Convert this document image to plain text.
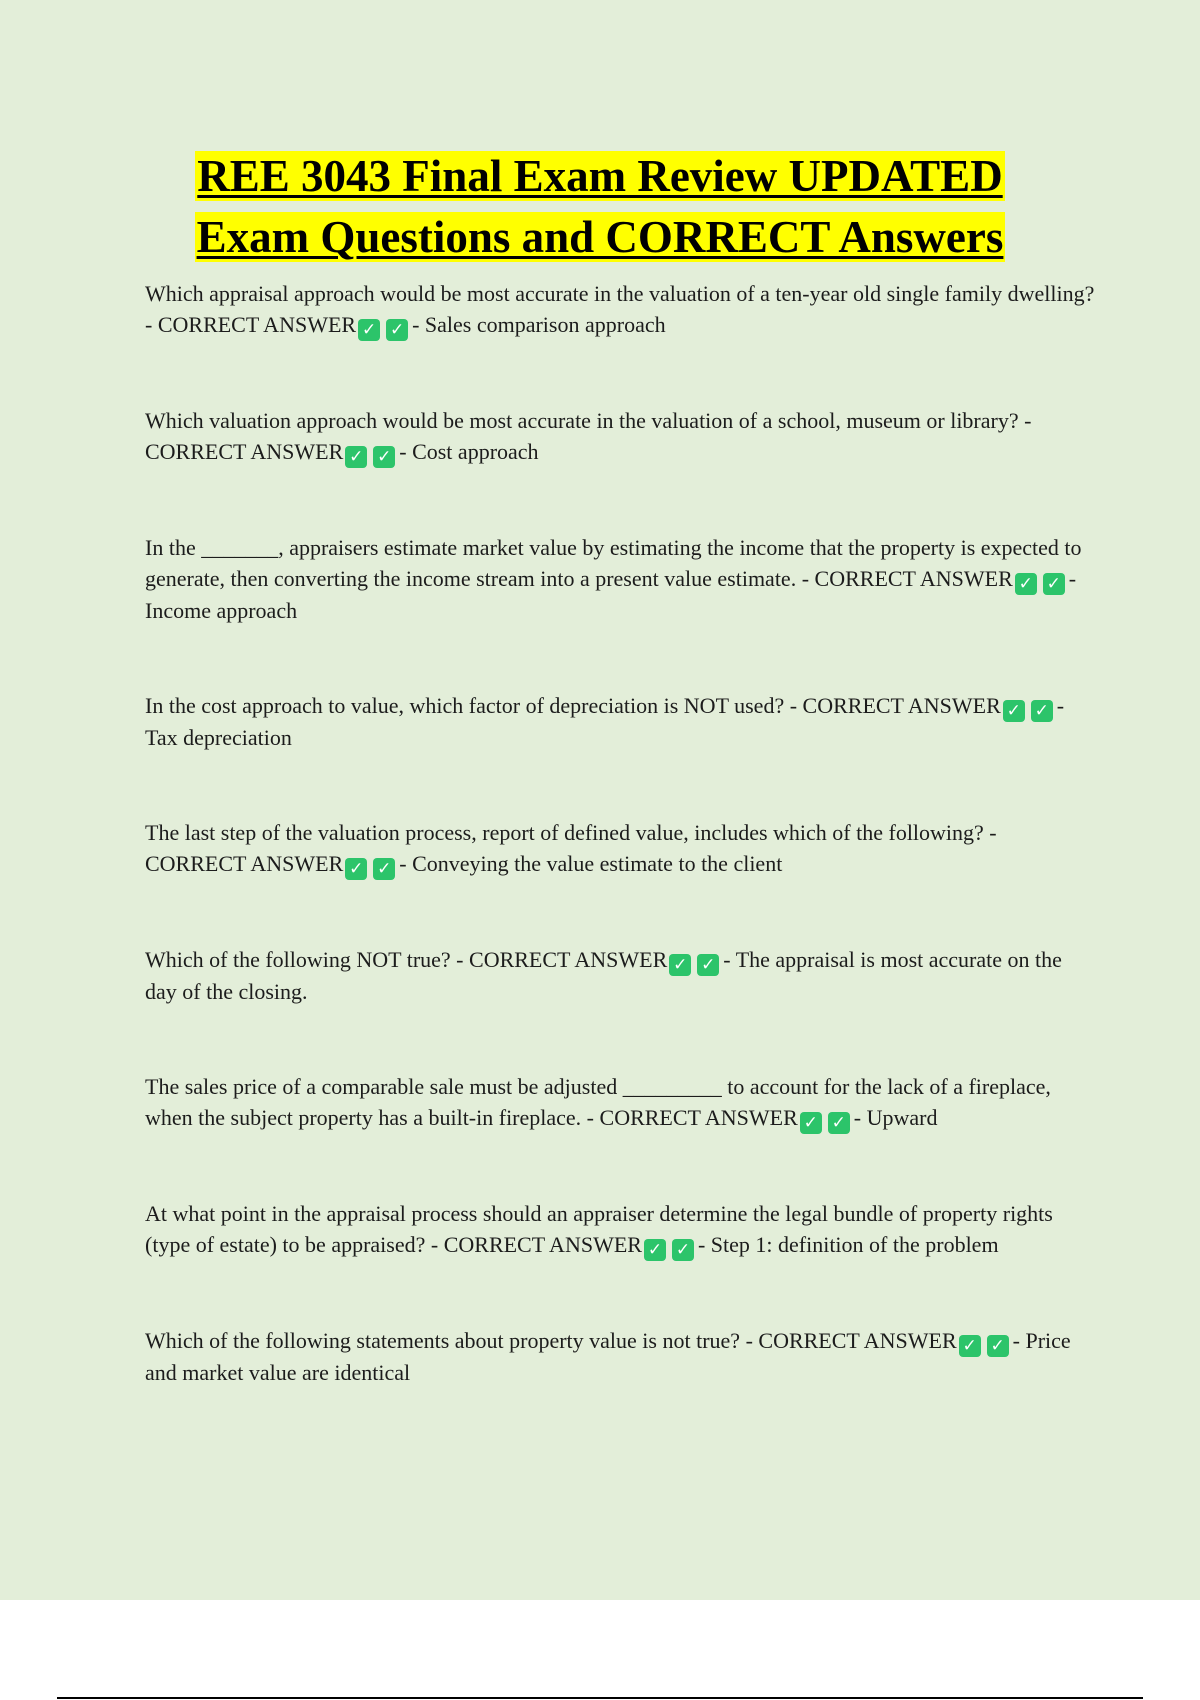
REE 3043 Final Exam Review UPDATED
Exam Questions and CORRECT Answers

Which appraisal approach would be most accurate in the valuation of a ten-year old single family dwelling? - CORRECT ANSWER ✓ ✓ - Sales comparison approach

Which valuation approach would be most accurate in the valuation of a school, museum or library? - CORRECT ANSWER ✓ ✓ - Cost approach

In the _______, appraisers estimate market value by estimating the income that the property is expected to generate, then converting the income stream into a present value estimate. - CORRECT ANSWER ✓ ✓ - Income approach

In the cost approach to value, which factor of depreciation is NOT used? - CORRECT ANSWER ✓ ✓ - Tax depreciation

The last step of the valuation process, report of defined value, includes which of the following? - CORRECT ANSWER ✓ ✓ - Conveying the value estimate to the client

Which of the following NOT true? - CORRECT ANSWER ✓ ✓ - The appraisal is most accurate on the day of the closing.

The sales price of a comparable sale must be adjusted _________ to account for the lack of a fireplace, when the subject property has a built-in fireplace. - CORRECT ANSWER ✓ ✓ - Upward

At what point in the appraisal process should an appraiser determine the legal bundle of property rights (type of estate) to be appraised? - CORRECT ANSWER ✓ ✓ - Step 1: definition of the problem

Which of the following statements about property value is not true? - CORRECT ANSWER ✓ ✓ - Price and market value are identical
